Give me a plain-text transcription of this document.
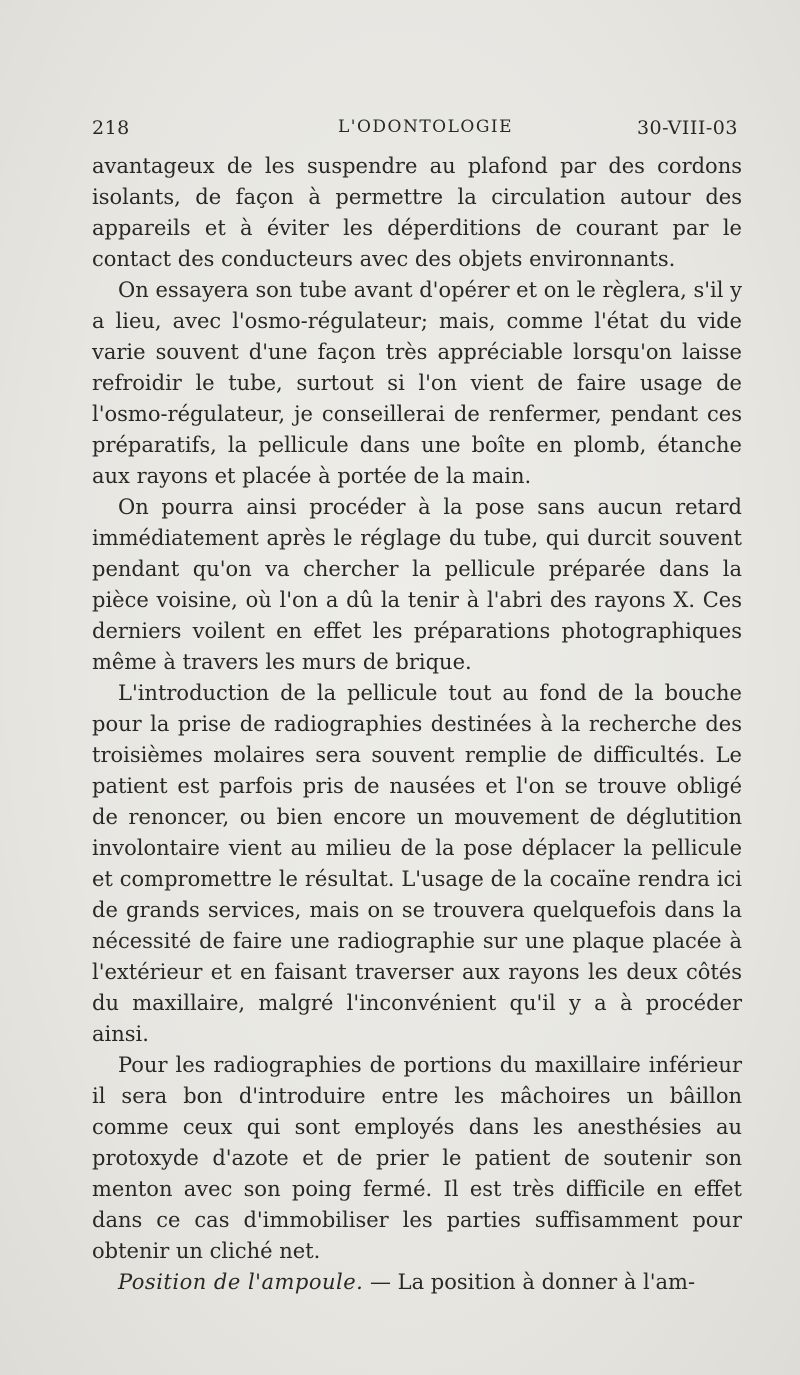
218	L'ODONTOLOGIE	30-VIII-03

avantageux de les suspendre au plafond par des cordons isolants, de façon à permettre la circulation autour des appareils et à éviter les déperditions de courant par le contact des conducteurs avec des objets environnants.

On essayera son tube avant d'opérer et on le règlera, s'il y a lieu, avec l'osmo-régulateur; mais, comme l'état du vide varie souvent d'une façon très appréciable lorsqu'on laisse refroidir le tube, surtout si l'on vient de faire usage de l'osmo-régulateur, je conseillerai de renfermer, pendant ces préparatifs, la pellicule dans une boîte en plomb, étanche aux rayons et placée à portée de la main.

On pourra ainsi procéder à la pose sans aucun retard immédiatement après le réglage du tube, qui durcit souvent pendant qu'on va chercher la pellicule préparée dans la pièce voisine, où l'on a dû la tenir à l'abri des rayons X. Ces derniers voilent en effet les préparations photographiques même à travers les murs de brique.

L'introduction de la pellicule tout au fond de la bouche pour la prise de radiographies destinées à la recherche des troisièmes molaires sera souvent remplie de difficultés. Le patient est parfois pris de nausées et l'on se trouve obligé de renoncer, ou bien encore un mouvement de déglutition involontaire vient au milieu de la pose déplacer la pellicule et compromettre le résultat. L'usage de la cocaïne rendra ici de grands services, mais on se trouvera quelquefois dans la nécessité de faire une radiographie sur une plaque placée à l'extérieur et en faisant traverser aux rayons les deux côtés du maxillaire, malgré l'inconvénient qu'il y a à procéder ainsi.

Pour les radiographies de portions du maxillaire inférieur il sera bon d'introduire entre les mâchoires un bâillon comme ceux qui sont employés dans les anesthésies au protoxyde d'azote et de prier le patient de soutenir son menton avec son poing fermé. Il est très difficile en effet dans ce cas d'immobiliser les parties suffisamment pour obtenir un cliché net.

Position de l'ampoule. — La position à donner à l'am-
